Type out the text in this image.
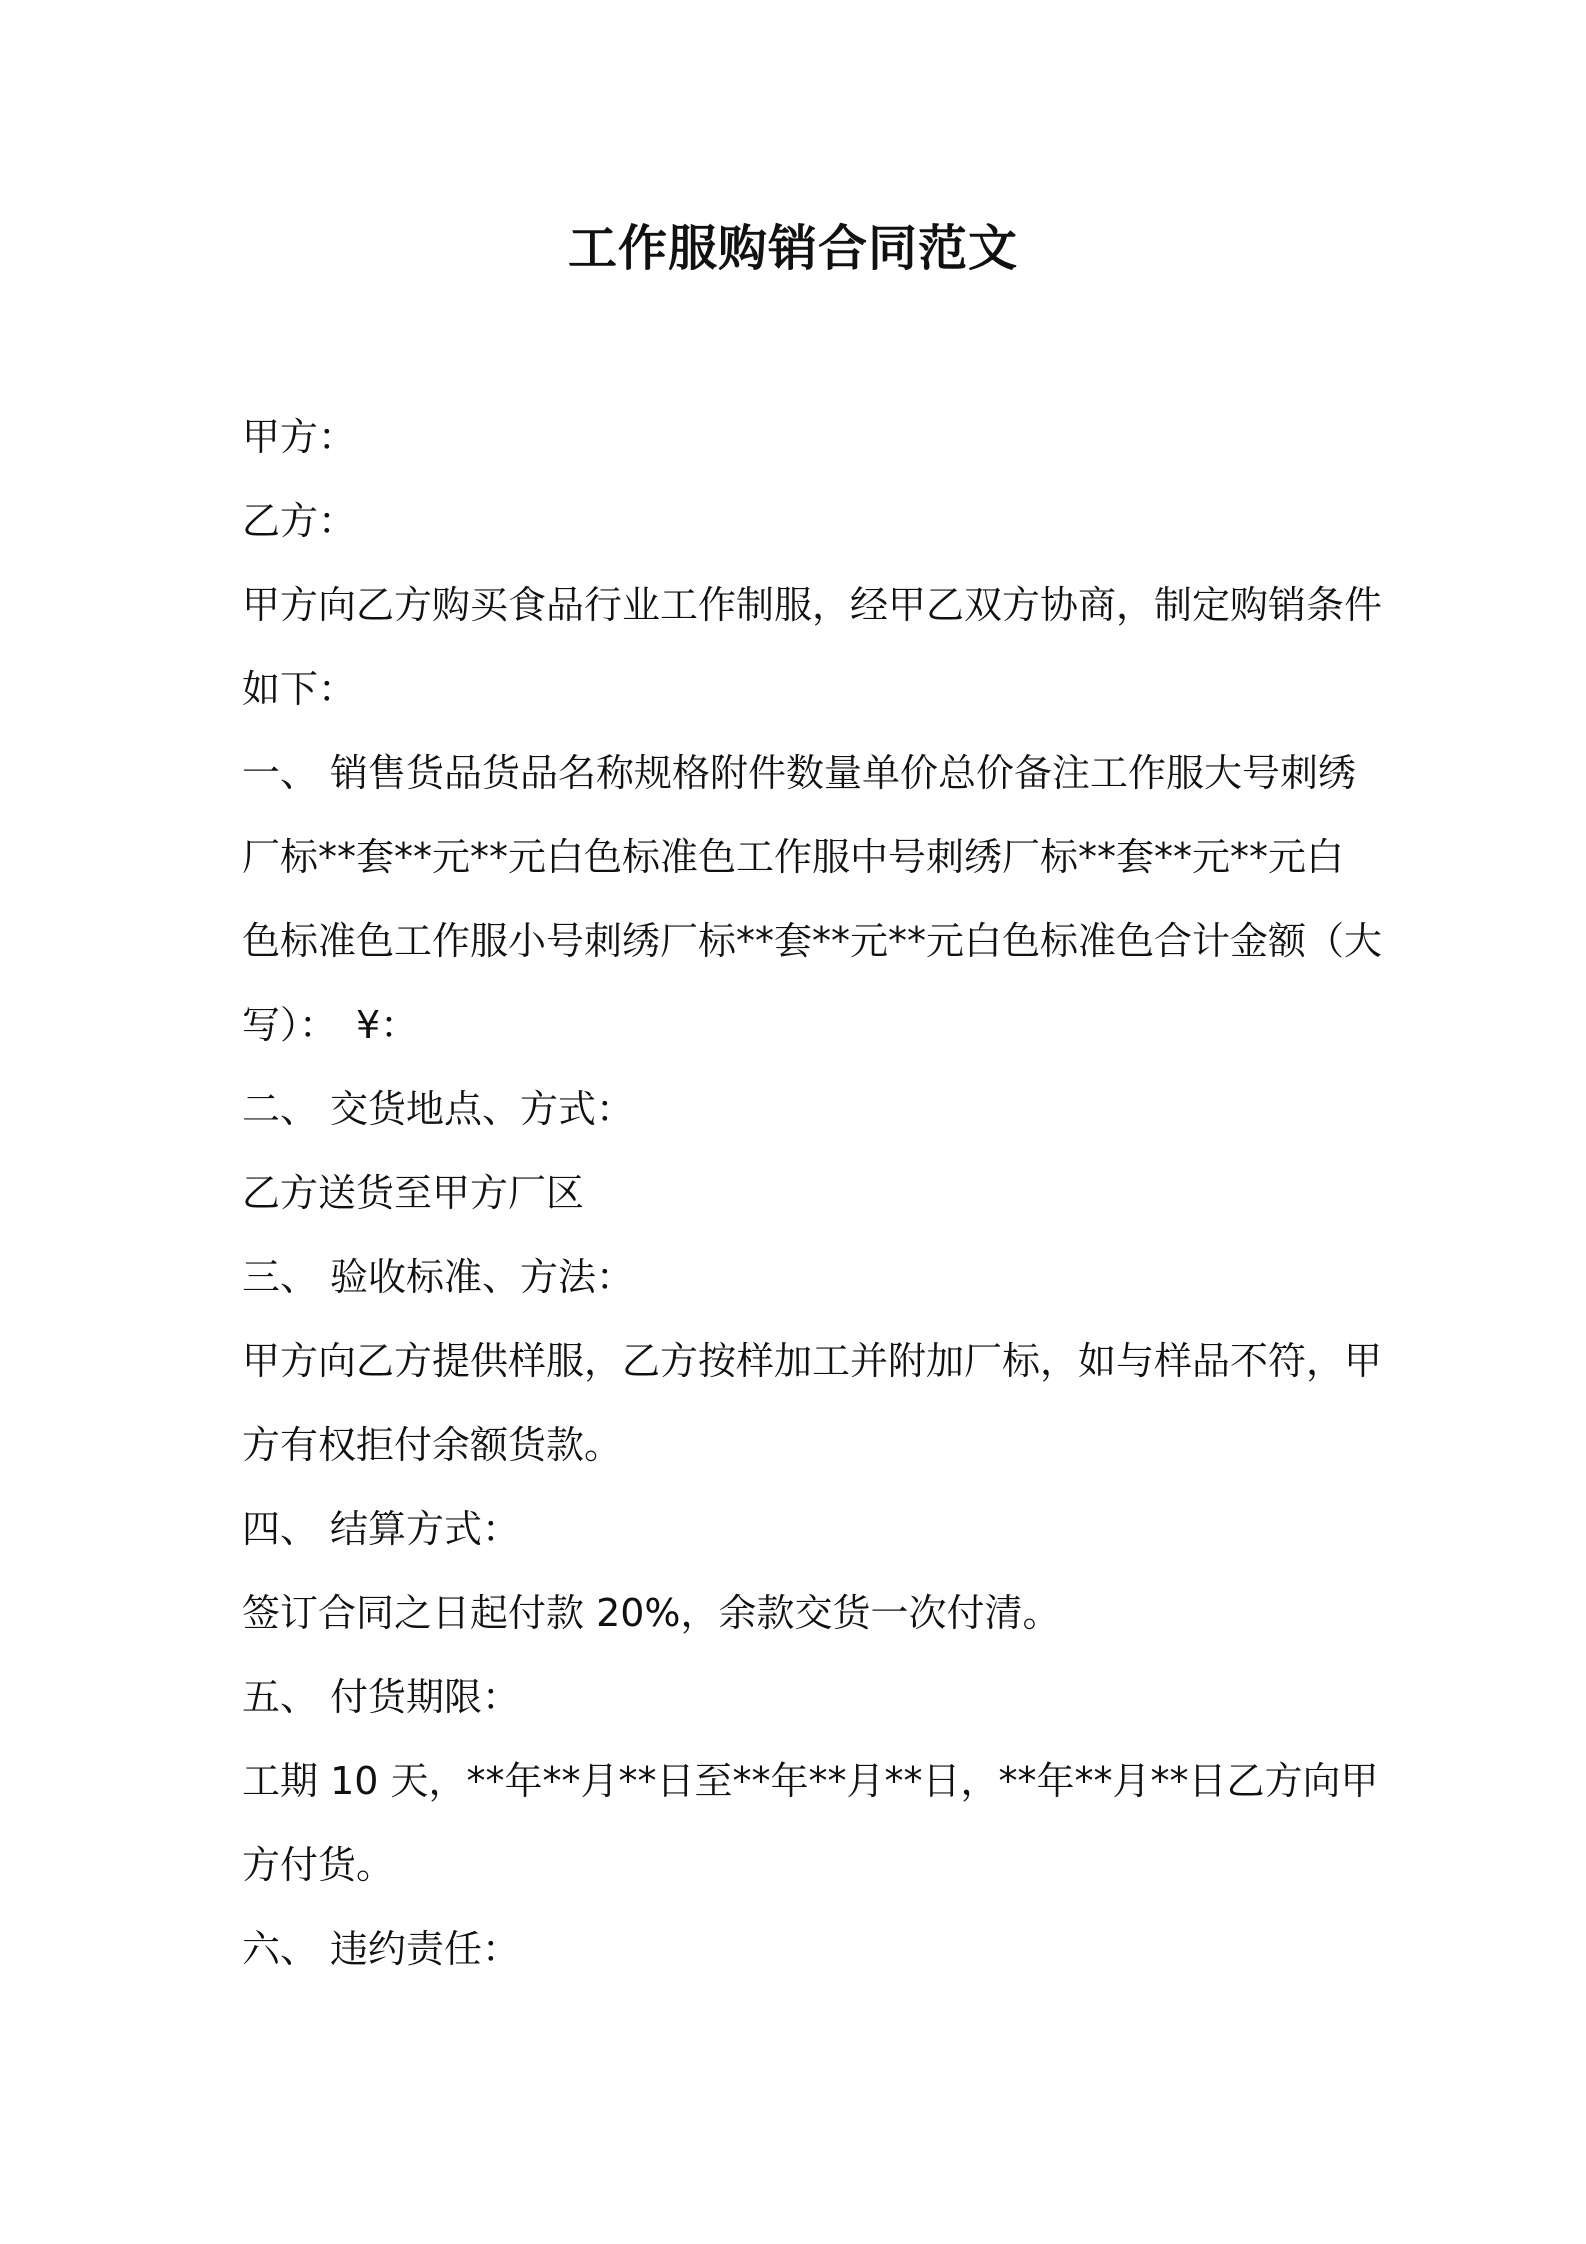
工作服购销合同范文
甲方：
乙方：
甲方向乙方购买食品行业工作制服，经甲乙双方协商，制定购销条件
如下：
一、 销售货品货品名称规格附件数量单价总价备注工作服大号刺绣
厂标**套**元**元白色标准色工作服中号刺绣厂标**套**元**元白
色标准色工作服小号刺绣厂标**套**元**元白色标准色合计金额（大
写）：　¥：
二、 交货地点、方式：
乙方送货至甲方厂区
三、 验收标准、方法：
甲方向乙方提供样服，乙方按样加工并附加厂标，如与样品不符，甲
方有权拒付余额货款。
四、 结算方式：
签订合同之日起付款 20%，余款交货一次付清。
五、 付货期限：
工期 10 天，**年**月**日至**年**月**日，**年**月**日乙方向甲
方付货。
六、 违约责任：
